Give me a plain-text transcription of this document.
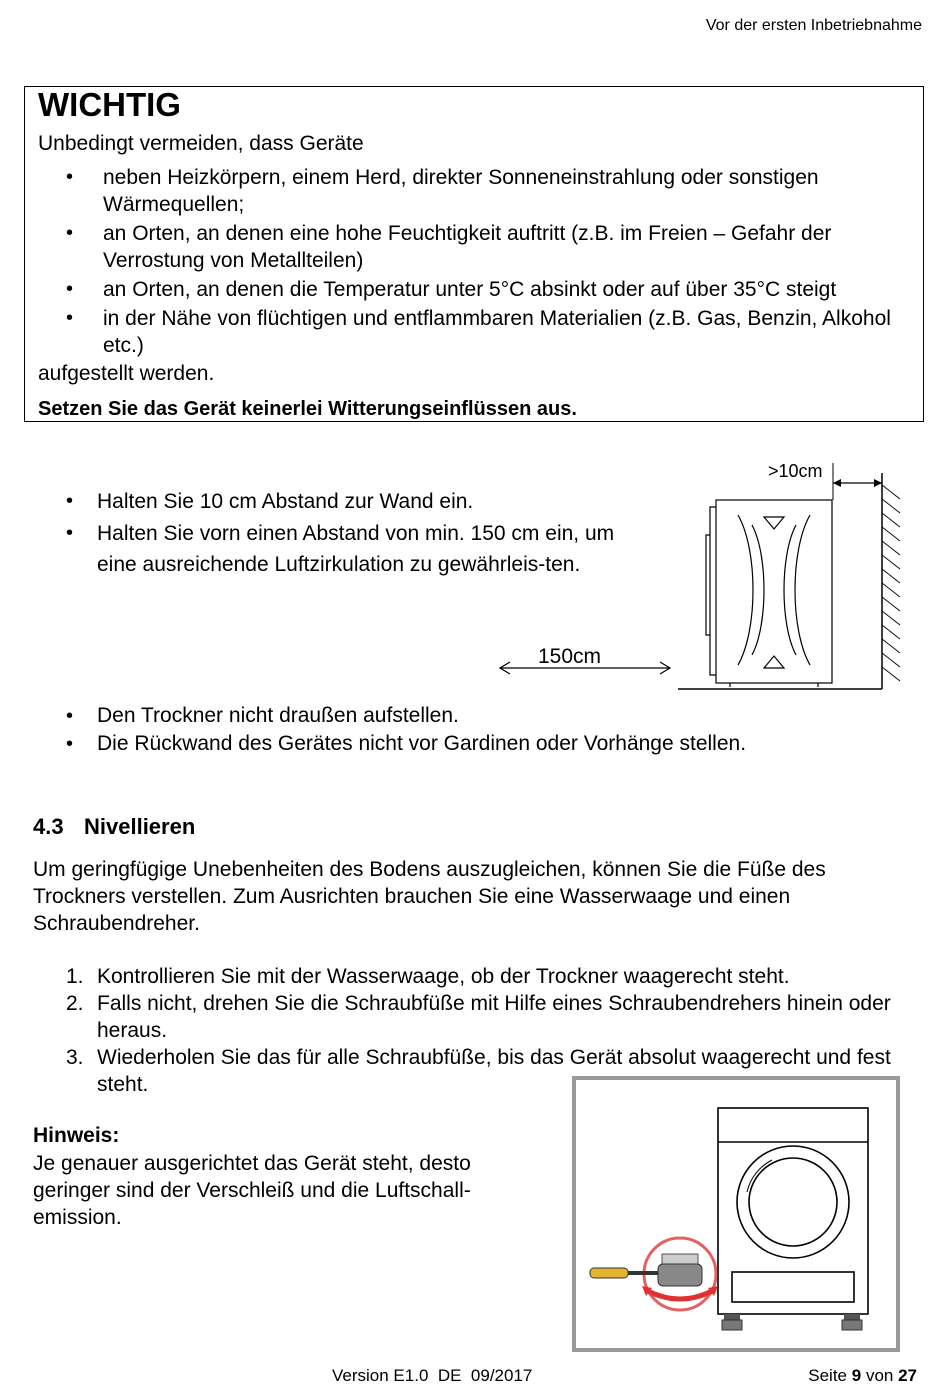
Vor der ersten Inbetriebnahme
WICHTIG
Unbedingt vermeiden, dass Geräte
• neben Heizkörpern, einem Herd, direkter Sonneneinstrahlung oder sonstigen Wärmequellen;
• an Orten, an denen eine hohe Feuchtigkeit auftritt (z.B. im Freien – Gefahr der Verrostung von Metallteilen)
• an Orten, an denen die Temperatur unter 5°C absinkt oder auf über 35°C steigt
• in der Nähe von flüchtigen und entflammbaren Materialien (z.B. Gas, Benzin, Alkohol etc.)
aufgestellt werden.
Setzen Sie das Gerät keinerlei Witterungseinflüssen aus.
• Halten Sie 10 cm Abstand zur Wand ein.
• Halten Sie vorn einen Abstand von min. 150 cm ein, um eine ausreichende Luftzirkulation zu gewährleis-ten.
>10cm
150cm
• Den Trockner nicht draußen aufstellen.
• Die Rückwand des Gerätes nicht vor Gardinen oder Vorhänge stellen.
4.3 Nivellieren
Um geringfügige Unebenheiten des Bodens auszugleichen, können Sie die Füße des Trockners verstellen. Zum Ausrichten brauchen Sie eine Wasserwaage und einen Schraubendreher.
1. Kontrollieren Sie mit der Wasserwaage, ob der Trockner waagerecht steht.
2. Falls nicht, drehen Sie die Schraubfüße mit Hilfe eines Schraubendrehers hinein oder heraus.
3. Wiederholen Sie das für alle Schraubfüße, bis das Gerät absolut waagerecht und fest steht.
Hinweis:
Je genauer ausgerichtet das Gerät steht, desto geringer sind der Verschleiß und die Luftschall-emission.
Version E1.0  DE  09/2017	Seite 9 von 27
